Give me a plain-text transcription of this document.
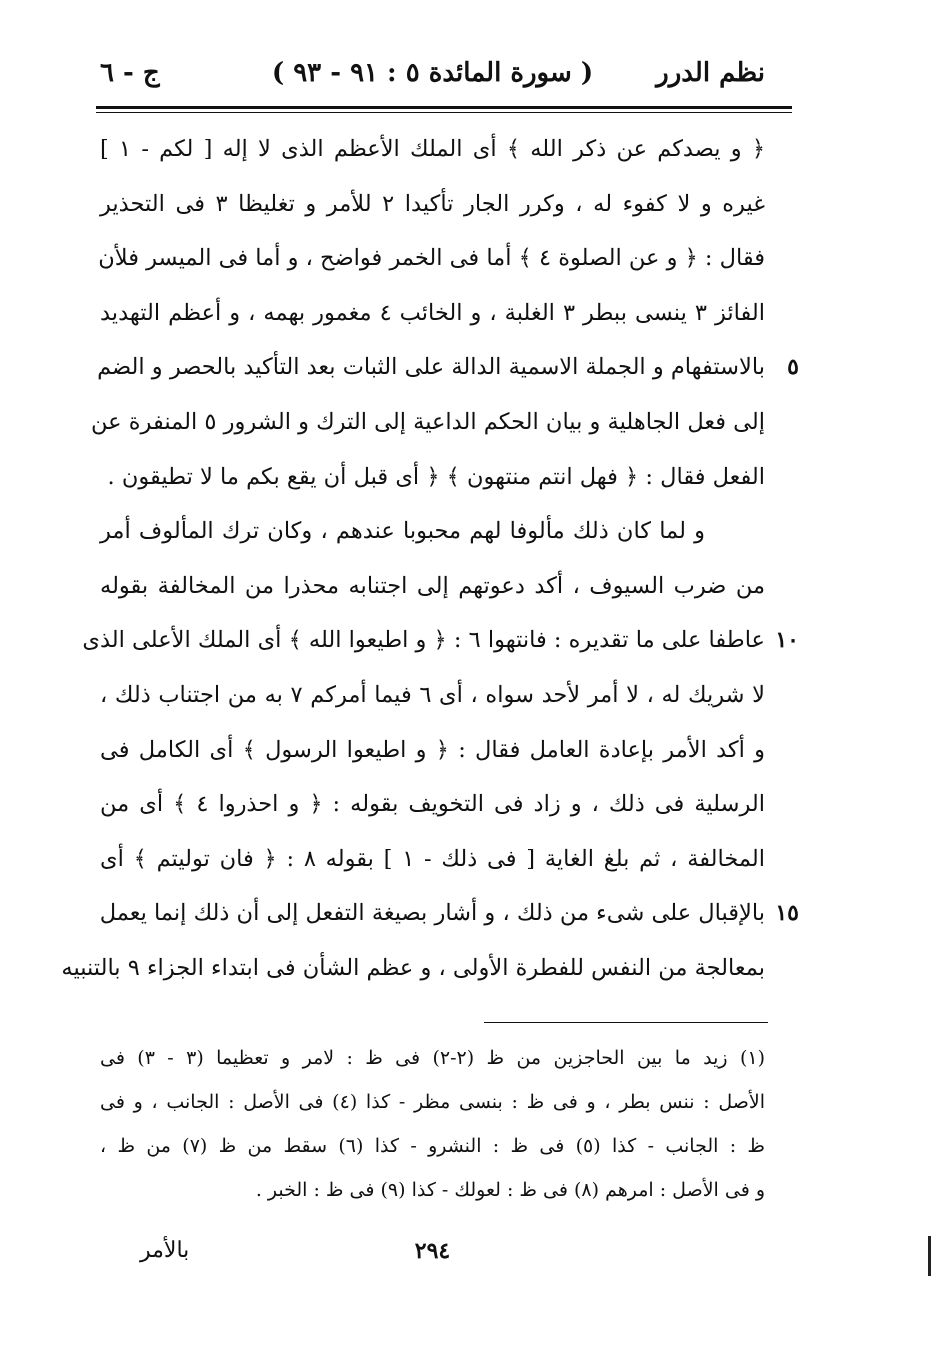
نظم الدرر
( سورة المائدة ٥ : ٩١ - ٩٣ )
ج - ٦
﴿ و يصدكم عن ذكر الله ﴾ أى الملك الأعظم الذى لا إله [ لكم - ١ ]
غيره و لا كفوء له ، وكرر الجار تأكيدا ٢ للأمر و تغليظا ٣ فى التحذير
فقال : ﴿ و عن الصلوة ٤ ﴾ أما فى الخمر فواضح ، و أما فى الميسر فلأن
الفائز ٣ ينسى ببطر ٣ الغلبة ، و الخائب ٤ مغمور بهمه ، و أعظم التهديد
بالاستفهام و الجملة الاسمية الدالة على الثبات بعد التأكيد بالحصر و الضم ٥
إلى فعل الجاهلية و بيان الحكم الداعية إلى الترك و الشرور ٥ المنفرة عن
الفعل فقال : ﴿ فهل انتم منتهون ﴾ ﴿ أى قبل أن يقع بكم ما لا تطيقون .
و لما كان ذلك مألوفا لهم محبوبا عندهم ، وكان ترك المألوف أمر
من ضرب السيوف ، أكد دعوتهم إلى اجتنابه محذرا من المخالفة بقوله
عاطفا على ما تقديره : فانتهوا ٦ : ﴿ و اطيعوا الله ﴾ أى الملك الأعلى الذى ١٠
لا شريك له ، لا أمر لأحد سواه ، أى ٦ فيما أمركم ٧ به من اجتناب ذلك ،
و أكد الأمر بإعادة العامل فقال : ﴿ و اطيعوا الرسول ﴾ أى الكامل فى
الرسلية فى ذلك ، و زاد فى التخويف بقوله : ﴿ و احذروا ٤ ﴾ أى من
المخالفة ، ثم بلغ الغاية [ فى ذلك - ١ ] بقوله ٨ : ﴿ فان توليتم ﴾ أى
بالإقبال على شىء من ذلك ، و أشار بصيغة التفعل إلى أن ذلك إنما يعمل ١٥
بمعالجة من النفس للفطرة الأولى ، و عظم الشأن فى ابتداء الجزاء ٩ بالتنبيه
(١) زيد ما بين الحاجزين من ظ (٢-٢) فى ظ : لامر و تعظيما (٣ - ٣) فى
الأصل : ننس بطر ، و فى ظ : بنسى مظر - كذا (٤) فى الأصل : الجانب ، و فى
ظ : الجانب - كذا (٥) فى ظ : النشرو - كذا (٦) سقط من ظ (٧) من ظ ،
و فى الأصل : امرهم (٨) فى ظ : لعولك - كذا (٩) فى ظ : الخبر .
٢٩٤
بالأمر
